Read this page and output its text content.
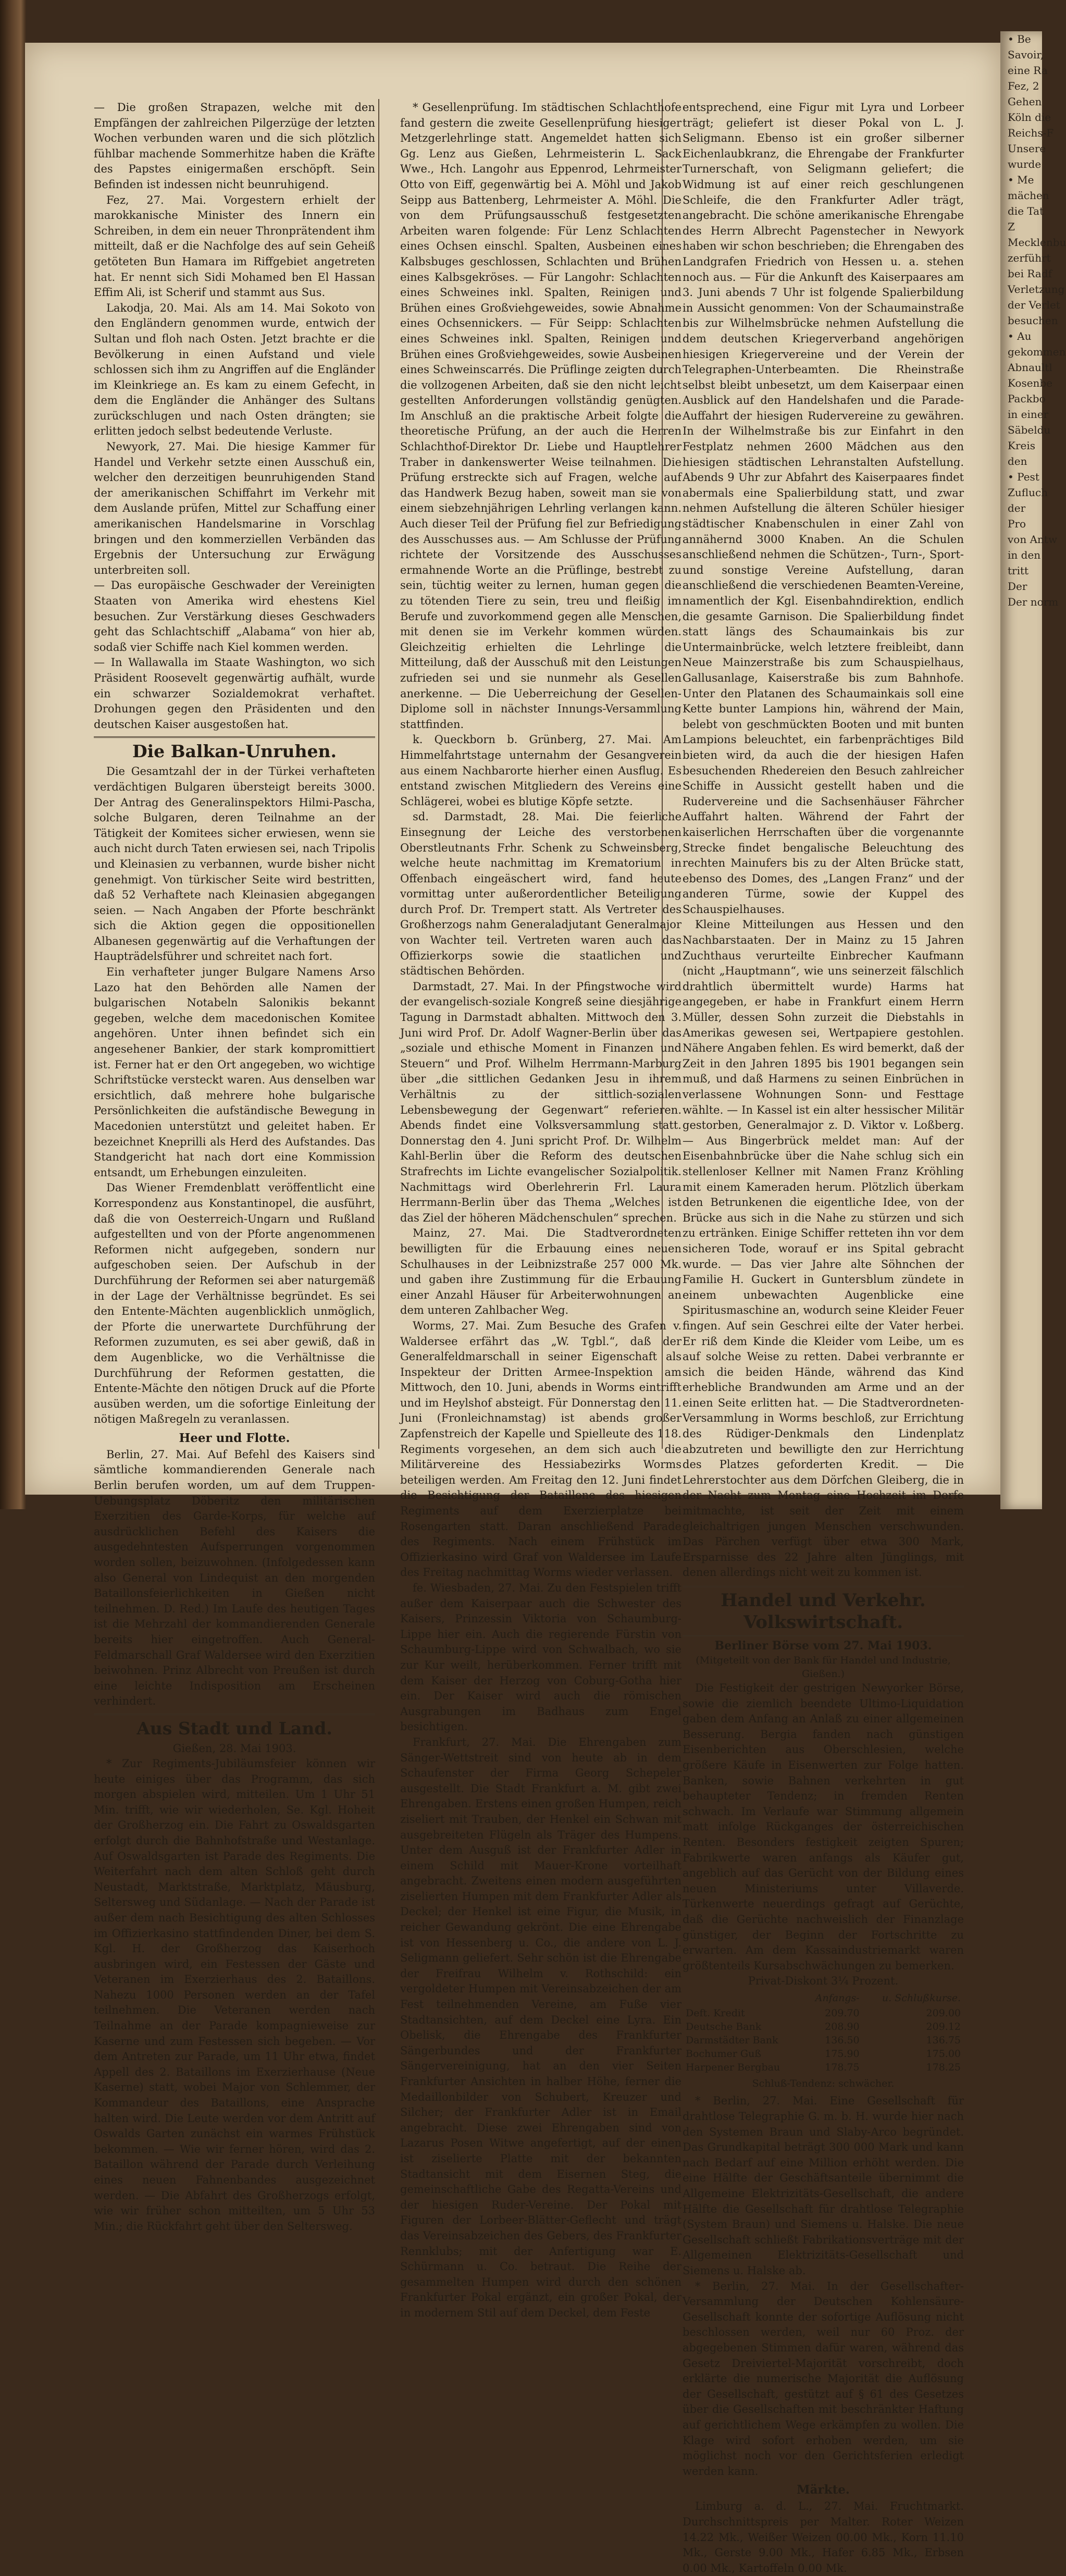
— Die großen Strapazen, welche mit den Empfängen der zahlreichen Pilgerzüge der letzten Wochen verbunden waren und die sich plötzlich fühlbar machende Sommerhitze haben die Kräfte des Papstes einigermaßen erschöpft. Sein Befinden ist indessen nicht beunruhigend.

Fez, 27. Mai. Vorgestern erhielt der marokkanische Minister des Innern ein Schreiben, in dem ein neuer Thronprätendent ihm mitteilt, daß er die Nachfolge des auf sein Geheiß getöteten Bun Hamara im Riffgebiet angetreten hat. Er nennt sich Sidi Mohamed ben El Hassan Effim Ali, ist Scherif und stammt aus Sus.

Lakodja, 20. Mai. Als am 14. Mai Sokoto von den Engländern genommen wurde, entwich der Sultan und floh nach Osten. Jetzt brachte er die Bevölkerung in einen Aufstand und viele schlossen sich ihm zu Angriffen auf die Engländer im Kleinkriege an. Es kam zu einem Gefecht, in dem die Engländer die Anhänger des Sultans zurückschlugen und nach Osten drängten; sie erlitten jedoch selbst bedeutende Verluste.

Newyork, 27. Mai. Die hiesige Kammer für Handel und Verkehr setzte einen Ausschuß ein, welcher den derzeitigen beunruhigenden Stand der amerikanischen Schiffahrt im Verkehr mit dem Auslande prüfen, Mittel zur Schaffung einer amerikanischen Handelsmarine in Vorschlag bringen und den kommerziellen Verbänden das Ergebnis der Untersuchung zur Erwägung unterbreiten soll.

— Das europäische Geschwader der Vereinigten Staaten von Amerika wird ehestens Kiel besuchen. Zur Verstärkung dieses Geschwaders geht das Schlachtschiff „Alabama“ von hier ab, sodaß vier Schiffe nach Kiel kommen werden.

— In Wallawalla im Staate Washington, wo sich Präsident Roosevelt gegenwärtig aufhält, wurde ein schwarzer Sozialdemokrat verhaftet. Drohungen gegen den Präsidenten und den deutschen Kaiser ausgestoßen hat.

Die Balkan-Unruhen.

Die Gesamtzahl der in der Türkei verhafteten verdächtigen Bulgaren übersteigt bereits 3000. Der Antrag des Generalinspektors Hilmi-Pascha, solche Bulgaren, deren Teilnahme an der Tätigkeit der Komitees sicher erwiesen, wenn sie auch nicht durch Taten erwiesen sei, nach Tripolis und Kleinasien zu verbannen, wurde bisher nicht genehmigt. Von türkischer Seite wird bestritten, daß 52 Verhaftete nach Kleinasien abgegangen seien. — Nach Angaben der Pforte beschränkt sich die Aktion gegen die oppositionellen Albanesen gegenwärtig auf die Verhaftungen der Haupträdelsführer und schreitet nach fort.

Ein verhafteter junger Bulgare Namens Arso Lazo hat den Behörden alle Namen der bulgarischen Notabeln Salonikis bekannt gegeben, welche dem macedonischen Komitee angehören. Unter ihnen befindet sich ein angesehener Bankier, der stark kompromittiert ist. Ferner hat er den Ort angegeben, wo wichtige Schriftstücke versteckt waren. Aus denselben war ersichtlich, daß mehrere hohe bulgarische Persönlichkeiten die aufständische Bewegung in Macedonien unterstützt und geleitet haben. Er bezeichnet Kneprilli als Herd des Aufstandes. Das Standgericht hat nach dort eine Kommission entsandt, um Erhebungen einzuleiten.

Das Wiener Fremdenblatt veröffentlicht eine Korrespondenz aus Konstantinopel, die ausführt, daß die von Oesterreich-Ungarn und Rußland aufgestellten und von der Pforte angenommenen Reformen nicht aufgegeben, sondern nur aufgeschoben seien. Der Aufschub in der Durchführung der Reformen sei aber naturgemäß in der Lage der Verhältnisse begründet. Es sei den Entente-Mächten augenblicklich unmöglich, der Pforte die unerwartete Durchführung der Reformen zuzumuten, es sei aber gewiß, daß in dem Augenblicke, wo die Verhältnisse die Durchführung der Reformen gestatten, die Entente-Mächte den nötigen Druck auf die Pforte ausüben werden, um die sofortige Einleitung der nötigen Maßregeln zu veranlassen.

Heer und Flotte.

Berlin, 27. Mai. Auf Befehl des Kaisers sind sämtliche kommandierenden Generale nach Berlin berufen worden, um auf dem Truppen-Uebungsplatz Döberitz den militärischen Exerzitien des Garde-Korps, für welche auf ausdrücklichen Befehl des Kaisers die ausgedehntesten Aufsperrungen vorgenommen worden sollen, beizuwohnen. (Infolgedessen kann also General von Lindequist an den morgenden Bataillonsfeierlichkeiten in Gießen nicht teilnehmen. D. Red.) Im Laufe des heutigen Tages ist die Mehrzahl der kommandierenden Generale bereits hier eingetroffen. Auch General-Feldmarschall Graf Waldersee wird den Exerzitien beiwohnen. Prinz Albrecht von Preußen ist durch eine leichte Indisposition am Erscheinen verhindert.

Aus Stadt und Land.

Gießen, 28. Mai 1903.

* Zur Regiments-Jubiläumsfeier können wir heute einiges über das Programm, das sich morgen abspielen wird, mitteilen. Um 1 Uhr 51 Min. trifft, wie wir wiederholen, Se. Kgl. Hoheit der Großherzog ein. Die Fahrt zu Oswaldsgarten erfolgt durch die Bahnhofstraße und Westanlage. Auf Oswaldsgarten ist Parade des Regiments. Die Weiterfahrt nach dem alten Schloß geht durch Neustadt, Marktstraße, Marktplatz, Mäusburg, Seltersweg und Südanlage. — Nach der Parade ist außer dem nach Besichtigung des alten Schlosses im Offizierkasino stattfindenden Diner, bei dem S. Kgl. H. der Großherzog das Kaiserhoch ausbringen wird, ein Festessen der Gäste und Veteranen im Exerzierhaus des 2. Bataillons. Nahezu 1000 Personen werden an der Tafel teilnehmen. Die Veteranen werden nach Teilnahme an der Parade kompagnieweise zur Kaserne und zum Festessen sich begeben. — Vor dem Antreten zur Parade, um 11 Uhr etwa, findet Appell des 2. Bataillons im Exerzierhause (Neue Kaserne) statt, wobei Major von Schlemmer, der Kommandeur des Bataillons, eine Ansprache halten wird. Die Leute werden vor dem Antritt auf Oswalds Garten zunächst ein warmes Frühstück bekommen. — Wie wir ferner hören, wird das 2. Bataillon während der Parade durch Verleihung eines neuen Fahnenbandes ausgezeichnet werden. — Die Abfahrt des Großherzogs erfolgt, wie wir früher schon mitteilten, um 5 Uhr 53 Min.; die Rückfahrt geht über den Seltersweg.

* Gesellenprüfung. Im städtischen Schlachthofe fand gestern die zweite Gesellenprüfung hiesiger Metzgerlehrlinge statt. Angemeldet hatten sich Gg. Lenz aus Gießen, Lehrmeisterin L. Sack Wwe., Hch. Langohr aus Eppenrod, Lehrmeister Otto von Eiff, gegenwärtig bei A. Möhl und Jakob Seipp aus Battenberg, Lehrmeister A. Möhl. Die von dem Prüfungsausschuß festgesetzten Arbeiten waren folgende: Für Lenz Schlachten eines Ochsen einschl. Spalten, Ausbeinen eines Kalbsbuges geschlossen, Schlachten und Brühen eines Kalbsgekröses. — Für Langohr: Schlachten eines Schweines inkl. Spalten, Reinigen und Brühen eines Großviehgeweides, sowie Abnahme eines Ochsennickers. — Für Seipp: Schlachten eines Schweines inkl. Spalten, Reinigen und Brühen eines Großviehgeweides, sowie Ausbeinen eines Schweinscarrés. Die Prüflinge zeigten durch die vollzogenen Arbeiten, daß sie den nicht leicht gestellten Anforderungen vollständig genügten. Im Anschluß an die praktische Arbeit folgte die theoretische Prüfung, an der auch die Herren Schlachthof-Direktor Dr. Liebe und Hauptlehrer Traber in dankenswerter Weise teilnahmen. Die Prüfung erstreckte sich auf Fragen, welche auf das Handwerk Bezug haben, soweit man sie von einem siebzehnjährigen Lehrling verlangen kann. Auch dieser Teil der Prüfung fiel zur Befriedigung des Ausschusses aus. — Am Schlusse der Prüfung richtete der Vorsitzende des Ausschusses ermahnende Worte an die Prüflinge, bestrebt zu sein, tüchtig weiter zu lernen, human gegen die zu tötenden Tiere zu sein, treu und fleißig im Berufe und zuvorkommend gegen alle Menschen, mit denen sie im Verkehr kommen würden. Gleichzeitig erhielten die Lehrlinge die Mitteilung, daß der Ausschuß mit den Leistungen zufrieden sei und sie nunmehr als Gesellen anerkenne. — Die Ueberreichung der Gesellen-Diplome soll in nächster Innungs-Versammlung stattfinden.

k. Queckborn b. Grünberg, 27. Mai. Am Himmelfahrtstage unternahm der Gesangverein aus einem Nachbarorte hierher einen Ausflug. Es entstand zwischen Mitgliedern des Vereins eine Schlägerei, wobei es blutige Köpfe setzte.

sd. Darmstadt, 28. Mai. Die feierliche Einsegnung der Leiche des verstorbenen Oberstleutnants Frhr. Schenk zu Schweinsberg, welche heute nachmittag im Krematorium in Offenbach eingeäschert wird, fand heute vormittag unter außerordentlicher Beteiligung durch Prof. Dr. Trempert statt. Als Vertreter des Großherzogs nahm Generaladjutant Generalmajor von Wachter teil. Vertreten waren auch das Offizierkorps sowie die staatlichen und städtischen Behörden.

Darmstadt, 27. Mai. In der Pfingstwoche wird der evangelisch-soziale Kongreß seine diesjährige Tagung in Darmstadt abhalten. Mittwoch den 3. Juni wird Prof. Dr. Adolf Wagner-Berlin über das „soziale und ethische Moment in Finanzen und Steuern“ und Prof. Wilhelm Herrmann-Marburg über „die sittlichen Gedanken Jesu in ihrem Verhältnis zu der sittlich-sozialen Lebensbewegung der Gegenwart“ referieren. Abends findet eine Volksversammlung statt. Donnerstag den 4. Juni spricht Prof. Dr. Wilhelm Kahl-Berlin über die Reform des deutschen Strafrechts im Lichte evangelischer Sozialpolitik. Nachmittags wird Oberlehrerin Frl. Laura Herrmann-Berlin über das Thema „Welches ist das Ziel der höheren Mädchenschulen“ sprechen.

Mainz, 27. Mai. Die Stadtverordneten bewilligten für die Erbauung eines neuen Schulhauses in der Leibnizstraße 257 000 Mk. und gaben ihre Zustimmung für die Erbauung einer Anzahl Häuser für Arbeiterwohnungen an dem unteren Zahlbacher Weg.

Worms, 27. Mai. Zum Besuche des Grafen v. Waldersee erfährt das „W. Tgbl.“, daß der Generalfeldmarschall in seiner Eigenschaft als Inspekteur der Dritten Armee-Inspektion am Mittwoch, den 10. Juni, abends in Worms eintrifft und im Heylshof absteigt. Für Donnerstag den 11. Juni (Fronleichnamstag) ist abends großer Zapfenstreich der Kapelle und Spielleute des 118. Regiments vorgesehen, an dem sich auch die Militärvereine des Hessiabezirks Worms beteiligen werden. Am Freitag den 12. Juni findet die Besichtigung der Bataillone des hiesigen Regiments auf dem Exerzierplatze bei Rosengarten statt. Daran anschließend Parade des Regiments. Nach einem Frühstück im Offizierkasino wird Graf von Waldersee im Laufe des Freitag nachmittag Worms wieder verlassen.

fe. Wiesbaden, 27. Mai. Zu den Festspielen trifft außer dem Kaiserpaar auch die Schwester des Kaisers, Prinzessin Viktoria von Schaumburg-Lippe hier ein. Auch die regierende Fürstin von Schaumburg-Lippe wird von Schwalbach, wo sie zur Kur weilt, herüberkommen. Ferner trifft mit dem Kaiser der Herzog von Coburg-Gotha hier ein. Der Kaiser wird auch die römischen Ausgrabungen im Badhaus zum Engel besichtigen.

Frankfurt, 27. Mai. Die Ehrengaben zum Sänger-Wettstreit sind von heute ab in dem Schaufenster der Firma Georg Schepeler ausgestellt. Die Stadt Frankfurt a. M. gibt zwei Ehrengaben. Erstens einen großen Humpen, reich ziseliert mit Trauben, der Henkel ein Schwan mit ausgebreiteten Flügeln als Träger des Humpens. Unter dem Ausguß ist der Frankfurter Adler in einem Schild mit Mauer-Krone vorteilhaft angebracht. Zweitens einen modern ausgeführten ziselierten Humpen mit dem Frankfurter Adler als Deckel; der Henkel ist eine Figur, die Musik, in reicher Gewandung gekrönt. Die eine Ehrengabe ist von Hessenberg u. Co., die andere von L. J. Seligmann geliefert. Sehr schön ist die Ehrengabe der Freifrau Wilhelm v. Rothschild: ein vergoldeter Humpen mit Vereinsabzeichen der am Fest teilnehmenden Vereine, am Fuße vier Stadtansichten, auf dem Deckel eine Lyra. Ein Obelisk, die Ehrengabe des Frankfurter Sängerbundes und der Frankfurter Sängervereinigung, hat an den vier Seiten Frankfurter Ansichten in halber Höhe, ferner die Medaillonbilder von Schubert, Kreuzer und Silcher; der Frankfurter Adler ist in Email angebracht. Diese zwei Ehrengaben sind von Lazarus Posen Witwe angefertigt, auf der einen ist ziselierte Platte mit der bekannten Stadtansicht mit dem Eisernen Steg, die gemeinschaftliche Gabe des Regatta-Vereins und der hiesigen Ruder-Vereine. Der Pokal mit Figuren der Lorbeer-Blätter-Geflecht und trägt das Vereinsabzeichen des Gebers, des Frankfurter Rennklubs; mit der Anfertigung war E. Schürmann u. Co. betraut. Die Reihe der gesammelten Humpen wird durch den schönen Frankfurter Pokal ergänzt, ein großer Pokal, der in modernem Stil auf dem Deckel, dem Feste

entsprechend, eine Figur mit Lyra und Lorbeer trägt; geliefert ist dieser Pokal von L. J. Seligmann. Ebenso ist ein großer silberner Eichenlaubkranz, die Ehrengabe der Frankfurter Turnerschaft, von Seligmann geliefert; die Widmung ist auf einer reich geschlungenen Schleife, die den Frankfurter Adler trägt, angebracht. Die schöne amerikanische Ehrengabe des Herrn Albrecht Pagenstecher in Newyork haben wir schon beschrieben; die Ehrengaben des Landgrafen Friedrich von Hessen u. a. stehen noch aus. — Für die Ankunft des Kaiserpaares am 3. Juni abends 7 Uhr ist folgende Spalierbildung in Aussicht genommen: Von der Schaumainstraße bis zur Wilhelmsbrücke nehmen Aufstellung die dem deutschen Kriegerverband angehörigen hiesigen Kriegervereine und der Verein der Telegraphen-Unterbeamten. Die Rheinstraße selbst bleibt unbesetzt, um dem Kaiserpaar einen Ausblick auf den Handelshafen und die Parade-Auffahrt der hiesigen Rudervereine zu gewähren. In der Wilhelmstraße bis zur Einfahrt in den Festplatz nehmen 2600 Mädchen aus den hiesigen städtischen Lehranstalten Aufstellung. Abends 9 Uhr zur Abfahrt des Kaiserpaares findet abermals eine Spalierbildung statt, und zwar nehmen Aufstellung die älteren Schüler hiesiger städtischer Knabenschulen in einer Zahl von annähernd 3000 Knaben. An die Schulen anschließend nehmen die Schützen-, Turn-, Sport- und sonstige Vereine Aufstellung, daran anschließend die verschiedenen Beamten-Vereine, namentlich der Kgl. Eisenbahndirektion, endlich die gesamte Garnison. Die Spalierbildung findet statt längs des Schaumainkais bis zur Untermainbrücke, welch letztere freibleibt, dann Neue Mainzerstraße bis zum Schauspielhaus, Gallusanlage, Kaiserstraße bis zum Bahnhofe. Unter den Platanen des Schaumainkais soll eine Kette bunter Lampions hin, während der Main, belebt von geschmückten Booten und mit bunten Lampions beleuchtet, ein farbenprächtiges Bild bieten wird, da auch die der hiesigen Hafen besuchenden Rhedereien den Besuch zahlreicher Schiffe in Aussicht gestellt haben und die Rudervereine und die Sachsenhäuser Fährcher Auffahrt halten. Während der Fahrt der kaiserlichen Herrschaften über die vorgenannte Strecke findet bengalische Beleuchtung des rechten Mainufers bis zu der Alten Brücke statt, ebenso des Domes, des „Langen Franz“ und der anderen Türme, sowie der Kuppel des Schauspielhauses.

Kleine Mitteilungen aus Hessen und den Nachbarstaaten. Der in Mainz zu 15 Jahren Zuchthaus verurteilte Einbrecher Kaufmann (nicht „Hauptmann“, wie uns seinerzeit fälschlich drahtlich übermittelt wurde) Harms hat angegeben, er habe in Frankfurt einem Herrn Müller, dessen Sohn zurzeit die Diebstahls in Amerikas gewesen sei, Wertpapiere gestohlen. Nähere Angaben fehlen. Es wird bemerkt, daß der Zeit in den Jahren 1895 bis 1901 begangen sein muß, und daß Harmens zu seinen Einbrüchen in verlassene Wohnungen Sonn- und Festtage wählte. — In Kassel ist ein alter hessischer Militär gestorben, Generalmajor z. D. Viktor v. Loßberg. — Aus Bingerbrück meldet man: Auf der Eisenbahnbrücke über die Nahe schlug sich ein stellenloser Kellner mit Namen Franz Kröhling mit einem Kameraden herum. Plötzlich überkam den Betrunkenen die eigentliche Idee, von der Brücke aus sich in die Nahe zu stürzen und sich zu ertränken. Einige Schiffer retteten ihn vor dem sicheren Tode, worauf er ins Spital gebracht wurde. — Das vier Jahre alte Söhnchen der Familie H. Guckert in Guntersblum zündete in einem unbewachten Augenblicke eine Spiritusmaschine an, wodurch seine Kleider Feuer fingen. Auf sein Geschrei eilte der Vater herbei. Er riß dem Kinde die Kleider vom Leibe, um es auf solche Weise zu retten. Dabei verbrannte er sich die beiden Hände, während das Kind erhebliche Brandwunden am Arme und an der einen Seite erlitten hat. — Die Stadtverordneten-Versammlung in Worms beschloß, zur Errichtung des Rüdiger-Denkmals den Lindenplatz abzutreten und bewilligte den zur Herrichtung des Platzes geforderten Kredit. — Die Lehrerstochter aus dem Dörfchen Gleiberg, die in der Nacht zum Montag eine Hochzeit im Dorfe mitmachte, ist seit der Zeit mit einem gleichaltrigen jungen Menschen verschwunden. Das Pärchen verfügt über etwa 300 Mark, Ersparnisse des 22 Jahre alten Jünglings, mit denen allerdings nicht weit zu kommen ist.

Handel und Verkehr. Volkswirtschaft.

Berliner Börse vom 27. Mai 1903.

(Mitgeteilt von der Bank für Handel und Industrie, Gießen.)

Die Festigkeit der gestrigen Newyorker Börse, sowie die ziemlich beendete Ultimo-Liquidation gaben dem Anfang an Anlaß zu einer allgemeinen Besserung. Bergia fanden nach günstigen Eisenberichten aus Oberschlesien, welche größere Käufe in Eisenwerten zur Folge hatten. Banken, sowie Bahnen verkehrten in gut behaupteter Tendenz; in fremden Renten schwach. Im Verlaufe war Stimmung allgemein matt infolge Rückganges der österreichischen Renten. Besonders festigkeit zeigten Spuren; Fabrikwerte waren anfangs als Käufer gut, angeblich auf das Gerücht von der Bildung eines neuen Ministeriums unter Villaverde. Türkenwerte neuerdings gefragt auf Gerüchte, daß die Gerüchte nachweislich der Finanzlage günstiger, der Beginn der Fortschritte zu erwarten. Am dem Kassaindustriemarkt waren größtenteils Kursabschwächungen zu bemerken.

Privat-Diskont 3¼ Prozent.

	Anfangs-	u. Schlußkurse.
Deft. Kredit	209.70	209.00
Deutsche Bank	208.90	209.12
Darmstädter Bank	136.50	136.75
Bochumer Guß	175.90	175.00
Harpener Bergbau	178.75	178.25

Schluß-Tendenz: schwächer.

* Berlin, 27. Mai. Eine Gesellschaft für drahtlose Telegraphie G. m. b. H. wurde hier nach den Systemen Braun und Slaby-Arco begründet. Das Grundkapital beträgt 300 000 Mark und kann nach Bedarf auf eine Million erhöht werden. Die eine Hälfte der Geschäftsanteile übernimmt die Allgemeine Elektrizitäts-Gesellschaft, die andere Hälfte die Gesellschaft für drahtlose Telegraphie (System Braun) und Siemens u. Halske. Die neue Gesellschaft schließt Fabrikationsverträge mit der Allgemeinen Elektrizitäts-Gesellschaft und Siemens u. Halske ab.

* Berlin, 27. Mai. In der Gesellschafter-Versammlung der Deutschen Kohlensäure-Gesellschaft konnte der sofortige Auflösung nicht beschlossen werden, weil nur 60 Proz. der abgegebenen Stimmen dafür waren, während das Gesetz Dreiviertel-Majorität vorschreibt, doch erklärte die numerische Majorität die Auflösung der Gesellschaft, gestützt auf § 61 des Gesetzes über die Gesellschaften mit beschränkter Haftung auf gerichtlichem Wege erkämpfen zu wollen. Die Klage wird sofort erhoben werden, um sie möglichst noch vor den Gerichtsferien erledigt werden kann.

Märkte.

Limburg a. d. L., 27. Mai. Fruchtmarkt. Durchschnittspreis per Malter. Roter Weizen 14.22 Mk., Weißer Weizen 00.00 Mk., Korn 11.10 Mk., Gerste 9.00 Mk., Hafer 6.85 Mk., Erbsen 0.00 Mk., Kartoffeln 0.00 Mk.

• Be
Savoir,
eine Ra
Fez, 2
Gehen
Köln die
Reichs-F
Unsere
wurde
• Me
mächen
die Tat
Z
Mecklenbu
zerführt
bei Radf
Verletzung
der Verlet
besuchen
• Au
gekommen
Abnaultl
Kosenbe
Packbo
in einer
Säbeldu
Kreis
den
• Pest
Zufluch
der
Pro
von Antw
in den
tritt
Der
Der norm
